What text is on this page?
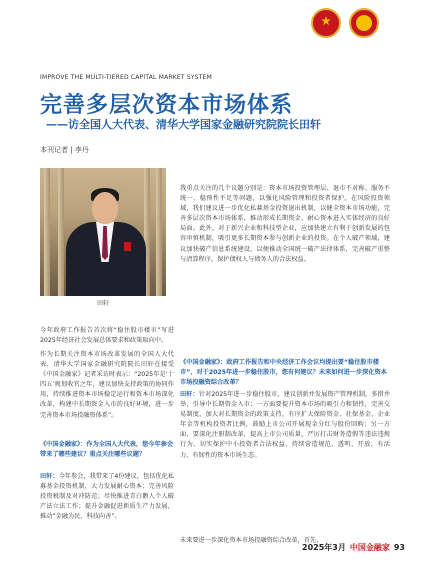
IMPROVE THE MULTI-TIERED CAPITAL MARKET SYSTEM
完善多层次资本市场体系
——访全国人大代表、清华大学国家金融研究院院长田轩
本刊记者 | 李丹
田轩
今年政府工作报告首次将“稳住股市楼市”写进2025年经济社会发展总体要求和政策取向中。
作为长期关注资本市场改革发展的全国人大代表，清华大学国家金融研究院院长田轩在接受《中国金融家》记者采访时表示：“2025年是‘十四五’规划收官之年，建议加快支持政策的协同作用，持续推进资本市场稳定运行和资本市场深化改革，构建中长期资金入市的良好环境，进一步完善资本市场投融资体系”。
《中国金融家》：作为全国人大代表，您今年参会带来了哪些建议？重点关注哪些议题？
田轩：今年参会，我带来了4份建议，包括优化私募基金投资机制，大力发展耐心资本；完善风险投资税制及对冲防范；尽快推进青白鹅人个人破产法立法工作；提升金融促进新质生产力发展，推动“金融为民、科技向善”。
我重点关注的几个议题分别是：资本市场投资管理层、退市不对称、服务不统一、稳预性不足等问题，以强化风险管理和投资者保护。在风险投资领域，我们建议进一步优化私募基金投资退出机制，以健全资本市场功能，完善多层次资本市场体系，推动形成长期资金、耐心资本进入实体经济的良好局面。此外，对于新兴企业和科技型企业，应加快建立有利于创新发展的包容审慎机制，吸引更多长期资本参与创新企业的投资。在个人破产领域，建议加快破产信息系统建设，以便推动全国统一破产法律体系，完善破产重整与清算程序，保护债权人与债务人的合法权益。
《中国金融家》：政府工作报告和中央经济工作会议均提出要“稳住股市楼市”，对于2025年进一步稳住股市，您有何建议？未来如何进一步深化资本市场投融资综合改革？
田轩：针对2025年进一步稳住股市，建议创新并发展资产管理机制，多措并举，引导中长期资金入市；一方面要提升资本市场的吸引力和韧性，完善交易制度，加大对长期资金的政策支持，有序扩大保险资金、社保基金、企业年金等机构投资者比例，鼓励上市公司开展现金分红与股份回购；另一方面，要深化注册制改革，提高上市公司质量，严厉打击财务造假等违法违规行为，切实保护中小投资者合法权益，持续营造规范、透明、开放、有活力、有韧性的资本市场生态。
未来要进一步深化资本市场投融资综合改革，首先，
2025年3月 中国金融家 93
